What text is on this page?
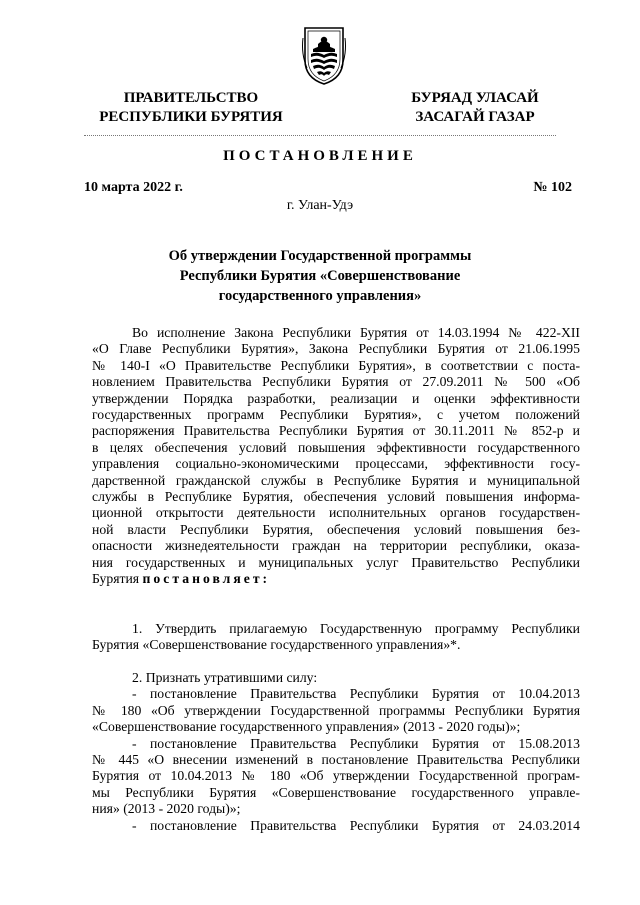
ПРАВИТЕЛЬСТВО
РЕСПУБЛИКИ БУРЯТИЯ
БУРЯАД УЛАСАЙ
ЗАСАГАЙ ГАЗАР
ПОСТАНОВЛЕНИЕ
10 марта 2022 г.	№ 102
г. Улан-Удэ
Об утверждении Государственной программы
Республики Бурятия «Совершенствование
государственного управления»
Во исполнение Закона Республики Бурятия от 14.03.1994 № 422-XII
«О Главе Республики Бурятия», Закона Республики Бурятия от 21.06.1995
№ 140-I «О Правительстве Республики Бурятия», в соответствии с поста-
новлением Правительства Республики Бурятия от 27.09.2011 № 500 «Об
утверждении Порядка разработки, реализации и оценки эффективности
государственных программ Республики Бурятия», с учетом положений
распоряжения Правительства Республики Бурятия от 30.11.2011 № 852-р и
в целях обеспечения условий повышения эффективности государственного
управления социально-экономическими процессами, эффективности госу-
дарственной гражданской службы в Республике Бурятия и муниципальной
службы в Республике Бурятия, обеспечения условий повышения информа-
ционной открытости деятельности исполнительных органов государствен-
ной власти Республики Бурятия, обеспечения условий повышения без-
опасности жизнедеятельности граждан на территории республики, оказа-
ния государственных и муниципальных услуг Правительство Республики
Бурятия постановляет:
1. Утвердить прилагаемую Государственную программу Республики
Бурятия «Совершенствование государственного управления»*.
2. Признать утратившими силу:
- постановление Правительства Республики Бурятия от 10.04.2013
№ 180 «Об утверждении Государственной программы Республики Бурятия
«Совершенствование государственного управления» (2013 - 2020 годы)»;
- постановление Правительства Республики Бурятия от 15.08.2013
№ 445 «О внесении изменений в постановление Правительства Республики
Бурятия от 10.04.2013 № 180 «Об утверждении Государственной програм-
мы Республики Бурятия «Совершенствование государственного управле-
ния» (2013 - 2020 годы)»;
- постановление Правительства Республики Бурятия от 24.03.2014
